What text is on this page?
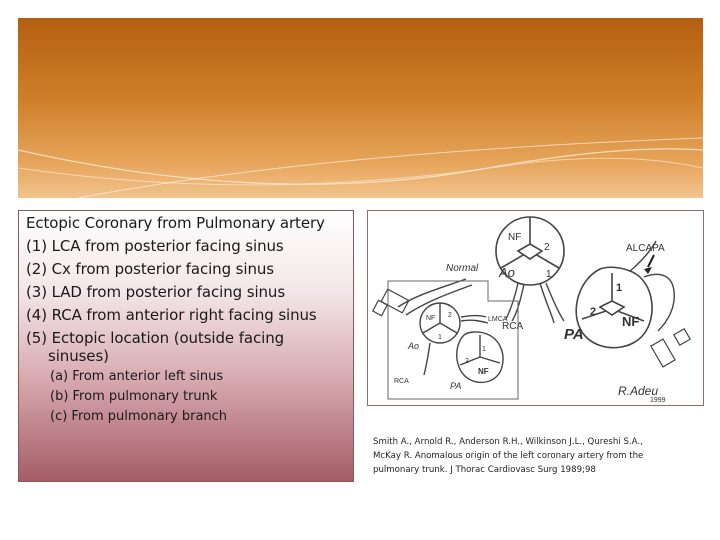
Ectopic Coronary from Pulmonary artery
(1) LCA from posterior facing sinus
(2) Cx from posterior facing sinus
(3) LAD from posterior facing sinus
(4) RCA from anterior right facing sinus
(5) Ectopic location (outside facing
sinuses)
(a) From anterior left sinus
(b) From pulmonary trunk
(c) From pulmonary branch
NF
2
1
ALCAPA
Normal Ao
RCA
1
2
NF
PA
NF 2
LMCA
Ao
1
1
2
NF
RCA	PA	R.Adeu
1999
Smith A., Arnold R., Anderson R.H., Wilkinson J.L., Qureshi S.A.,
McKay R. Anomalous origin of the left coronary artery from the
pulmonary trunk. J Thorac Cardiovasc Surg 1989;98
